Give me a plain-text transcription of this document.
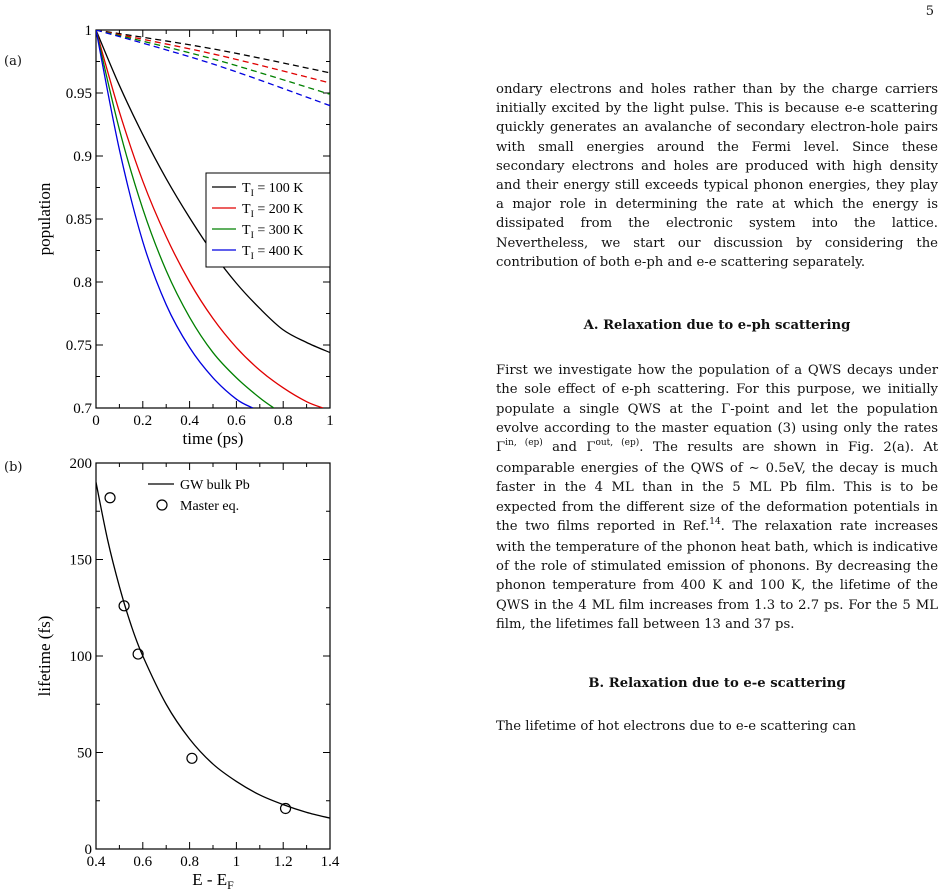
5
(a)
(b)
0 0.2 0.4 0.6 0.8 1
0.7
0.75
0.8
0.85
0.9
0.95
1
time (ps)
population	$T_I = 100$ K
$T_I = 200$ K
$T_I = 300$ K
$T_I = 400$ K
0.4 0.6 0.8 1 1.2 1.4
0
50
100
150
200
E - $E_F$
lifetime (fs)
GW bulk Pb
Master eq.

ondary electrons and holes rather than by the charge carriers initially excited by the light pulse. This is because e-e scattering quickly generates an avalanche of secondary electron-hole pairs with small energies around the Fermi level. Since these secondary electrons and holes are produced with high density and their energy still exceeds typical phonon energies, they play a major role in determining the rate at which the energy is dissipated from the electronic system into the lattice. Nevertheless, we start our discussion by considering the contribution of both e-ph and e-e scattering separately.

A. Relaxation due to e-ph scattering

First we investigate how the population of a QWS decays under the sole effect of e-ph scattering. For this purpose, we initially populate a single QWS at the Γ-point and let the population evolve according to the master equation (3) using only the rates $\Gamma^{in, (ep)}$ and $\Gamma^{out, (ep)}$. The results are shown in Fig. 2(a). At comparable energies of the QWS of ∼ 0.5eV, the decay is much faster in the 4 ML than in the 5 ML Pb film. This is to be expected from the different size of the deformation potentials in the two films reported in Ref.$^{14}$. The relaxation rate increases with the temperature of the phonon heat bath, which is indicative of the role of stimulated emission of phonons. By decreasing the phonon temperature from 400 K and 100 K, the lifetime of the QWS in the 4 ML film increases from 1.3 to 2.7 ps. For the 5 ML film, the lifetimes fall between 13 and 37 ps.

B. Relaxation due to e-e scattering

The lifetime of hot electrons due to e-e scattering can
